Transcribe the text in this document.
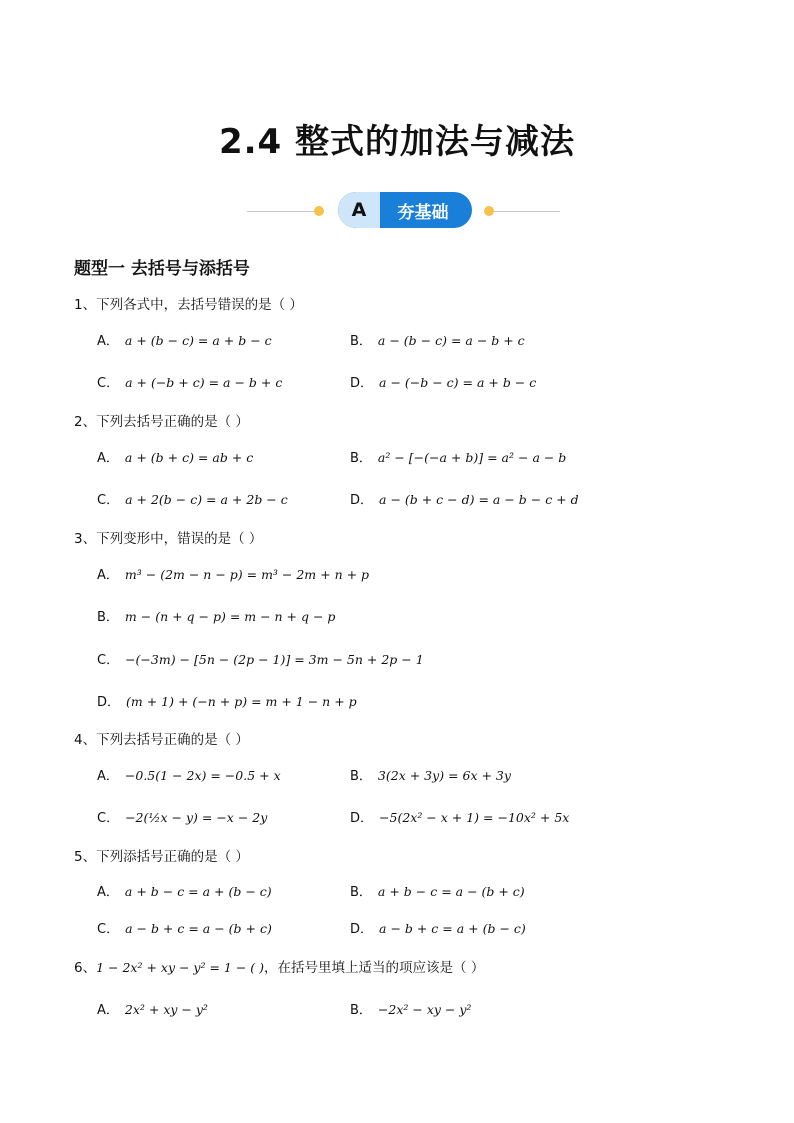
2.4 整式的加法与减法
A	夯基础
题型一 去括号与添括号
1、下列各式中，去括号错误的是（ ）
A． a + (b − c) = a + b − c	B． a − (b − c) = a − b + c
C． a + (−b + c) = a − b + c	D． a − (−b − c) = a + b − c
2、下列去括号正确的是（ ）
A． a + (b + c) = ab + c	B． a² − [−(−a + b)] = a² − a − b
C． a + 2(b − c) = a + 2b − c	D． a − (b + c − d) = a − b − c + d
3、下列变形中，错误的是（ ）
A． m³ − (2m − n − p) = m³ − 2m + n + p
B． m − (n + q − p) = m − n + q − p
C． −(−3m) − [5n − (2p − 1)] = 3m − 5n + 2p − 1
D． (m + 1) + (−n + p) = m + 1 − n + p
4、下列去括号正确的是（ ）
A． −0.5(1 − 2x) = −0.5 + x	B． 3(2x + 3y) = 6x + 3y
C． −2(½x − y) = −x − 2y	D． −5(2x² − x + 1) = −10x² + 5x
5、下列添括号正确的是（ ）
A． a + b − c = a + (b − c)	B． a + b − c = a − (b + c)
C． a − b + c = a − (b + c)	D． a − b + c = a + (b − c)
6、1 − 2x² + xy − y² = 1 − ( )，在括号里填上适当的项应该是（ ）
A． 2x² + xy − y²	B． −2x² − xy − y²
